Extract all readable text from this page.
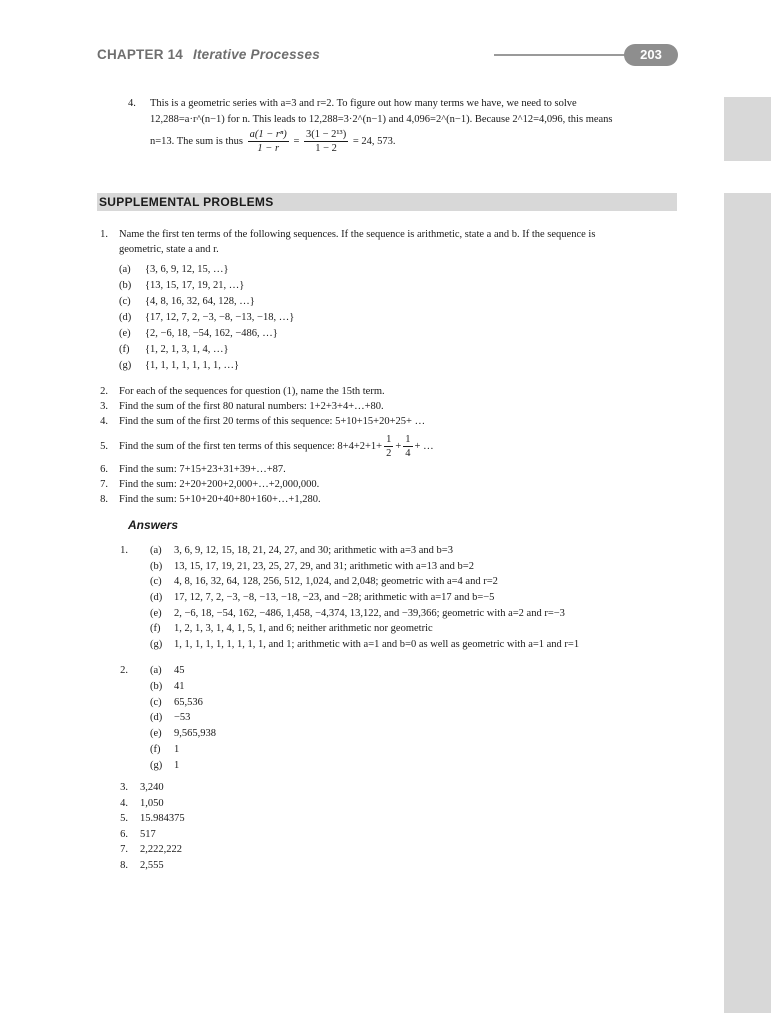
CHAPTER 14 Iterative Processes	203
4. This is a geometric series with a=3 and r=2. To figure out how many terms we have, we need to solve
12,288=a·r^(n−1) for n. This leads to 12,288=3·2^(n−1) and 4,096=2^(n−1). Because 2^12=4,096, this means
n=13. The sum is thus $\frac{\text{a(1 − rⁿ)}}{1 - r} = \frac{\text{3(1 − 2¹³)}}{1 - 2} = 24$, 573.
SUPPLEMENTAL PROBLEMS
1. Name the first ten terms of the following sequences. If the sequence is arithmetic, state a and b. If the sequence is
geometric, state a and r.
(a) {3, 6, 9, 12, 15, …}
(b) {13, 15, 17, 19, 21, …}
(c) {4, 8, 16, 32, 64, 128, …}
(d) {17, 12, 7, 2, −3, −8, −13, −18, …}
(e) {2, −6, 18, −54, 162, −486, …}
(f) {1, 2, 1, 3, 1, 4, …}
(g) {1, 1, 1, 1, 1, 1, 1, …}
2. For each of the sequences for question (1), name the 15th term.
3. Find the sum of the first 80 natural numbers: 1+2+3+4+…+80.
4. Find the sum of the first 20 terms of this sequence: 5+10+15+20+25+ …
5. Find the sum of the first ten terms of this sequence: $8+4+2+1+ \frac{1}{2} + \frac{1}{4}$ + …
6. Find the sum: 7+15+23+31+39+…+87.
7. Find the sum: 2+20+200+2,000+…+2,000,000.
8. Find the sum: 5+10+20+40+80+160+…+1,280.
Answers
1. (a) 3, 6, 9, 12, 15, 18, 21, 24, 27, and 30; arithmetic with a=3 and b=3
(b) 13, 15, 17, 19, 21, 23, 25, 27, 29, and 31; arithmetic with a=13 and b=2
(c) 4, 8, 16, 32, 64, 128, 256, 512, 1,024, and 2,048; geometric with a=4 and r=2
(d) 17, 12, 7, 2, −3, −8, −13, −18, −23, and −28; arithmetic with a=17 and b=−5
(e) 2, −6, 18, −54, 162, −486, 1,458, −4,374, 13,122, and −39,366; geometric with a=2 and r=−3
(f) 1, 2, 1, 3, 1, 4, 1, 5, 1, and 6; neither arithmetic nor geometric
(g) 1, 1, 1, 1, 1, 1, 1, 1, 1, and 1; arithmetic with a=1 and b=0 as well as geometric with a=1 and r=1
2. (a) 45
(b) 41
(c) 65,536
(d) −53
(e) 9,565,938
(f) 1
(g) 1
3. 3,240
4. 1,050
5. 15.984375
6. 517
7. 2,222,222
8. 2,555
